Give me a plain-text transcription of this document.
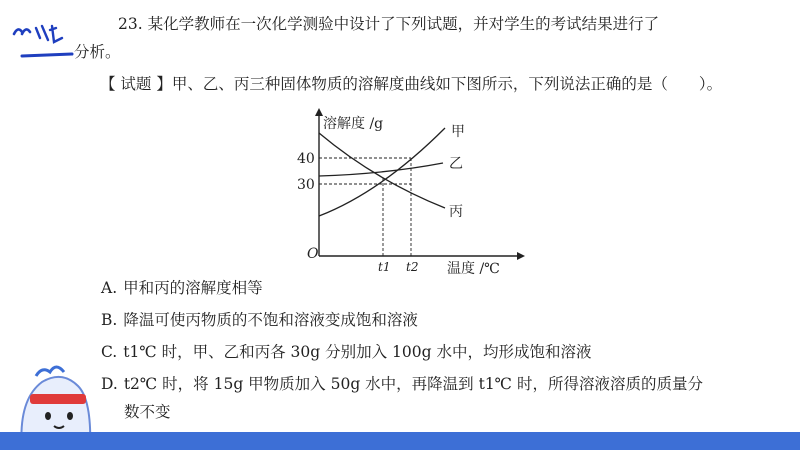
23. 某化学教师在一次化学测验中设计了下列试题，并对学生的考试结果进行了
分析。
【 试题 】甲、乙、丙三种固体物质的溶解度曲线如下图所示，下列说法正确的是（　　）。
溶解度 /g
40
30
O
t1 t2 温度 /℃
甲
乙
丙
A. 甲和丙的溶解度相等
B. 降温可使丙物质的不饱和溶液变成饱和溶液
C. t1℃ 时，甲、乙和丙各 30g 分别加入 100g 水中，均形成饱和溶液
D. t2℃ 时，将 15g 甲物质加入 50g 水中，再降温到 t1℃ 时，所得溶液溶质的质量分
数不变
